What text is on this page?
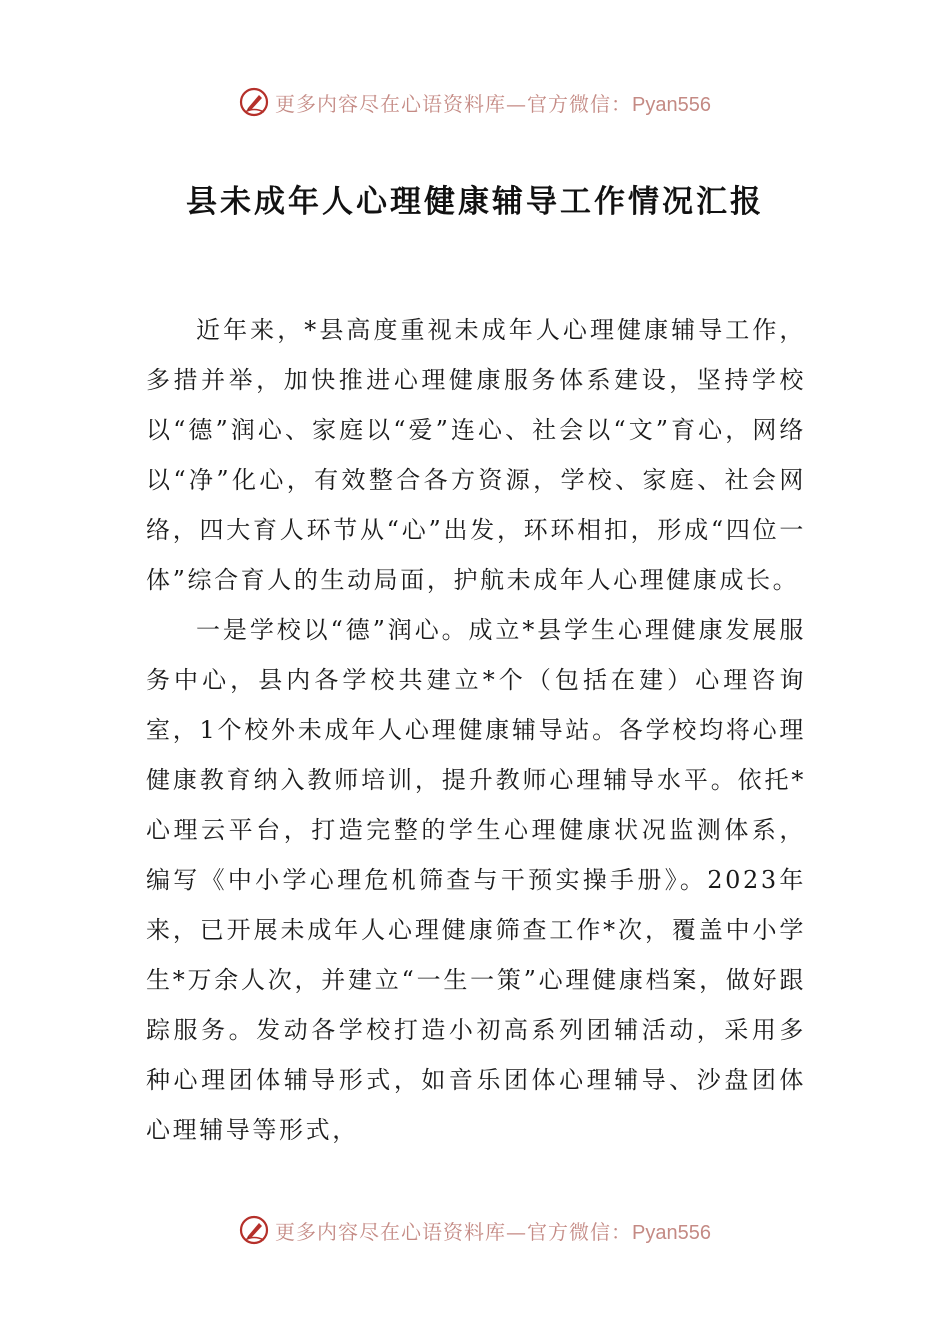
更多内容尽在心语资料库—官方微信：Pyan556
县未成年人心理健康辅导工作情况汇报

近年来，*县高度重视未成年人心理健康辅导工作，多措并举，加快推进心理健康服务体系建设，坚持学校以“德”润心、家庭以“爱”连心、社会以“文”育心，网络以“净”化心，有效整合各方资源，学校、家庭、社会网络，四大育人环节从“心”出发，环环相扣，形成“四位一体”综合育人的生动局面，护航未成年人心理健康成长。

一是学校以“德”润心。成立*县学生心理健康发展服务中心，县内各学校共建立*个（包括在建）心理咨询室，1个校外未成年人心理健康辅导站。各学校均将心理健康教育纳入教师培训，提升教师心理辅导水平。依托*心理云平台，打造完整的学生心理健康状况监测体系，编写《中小学心理危机筛查与干预实操手册》。2023年来，已开展未成年人心理健康筛查工作*次，覆盖中小学生*万余人次，并建立“一生一策”心理健康档案，做好跟踪服务。发动各学校打造小初高系列团辅活动，采用多种心理团体辅导形式，如音乐团体心理辅导、沙盘团体心理辅导等形式，

更多内容尽在心语资料库—官方微信：Pyan556
